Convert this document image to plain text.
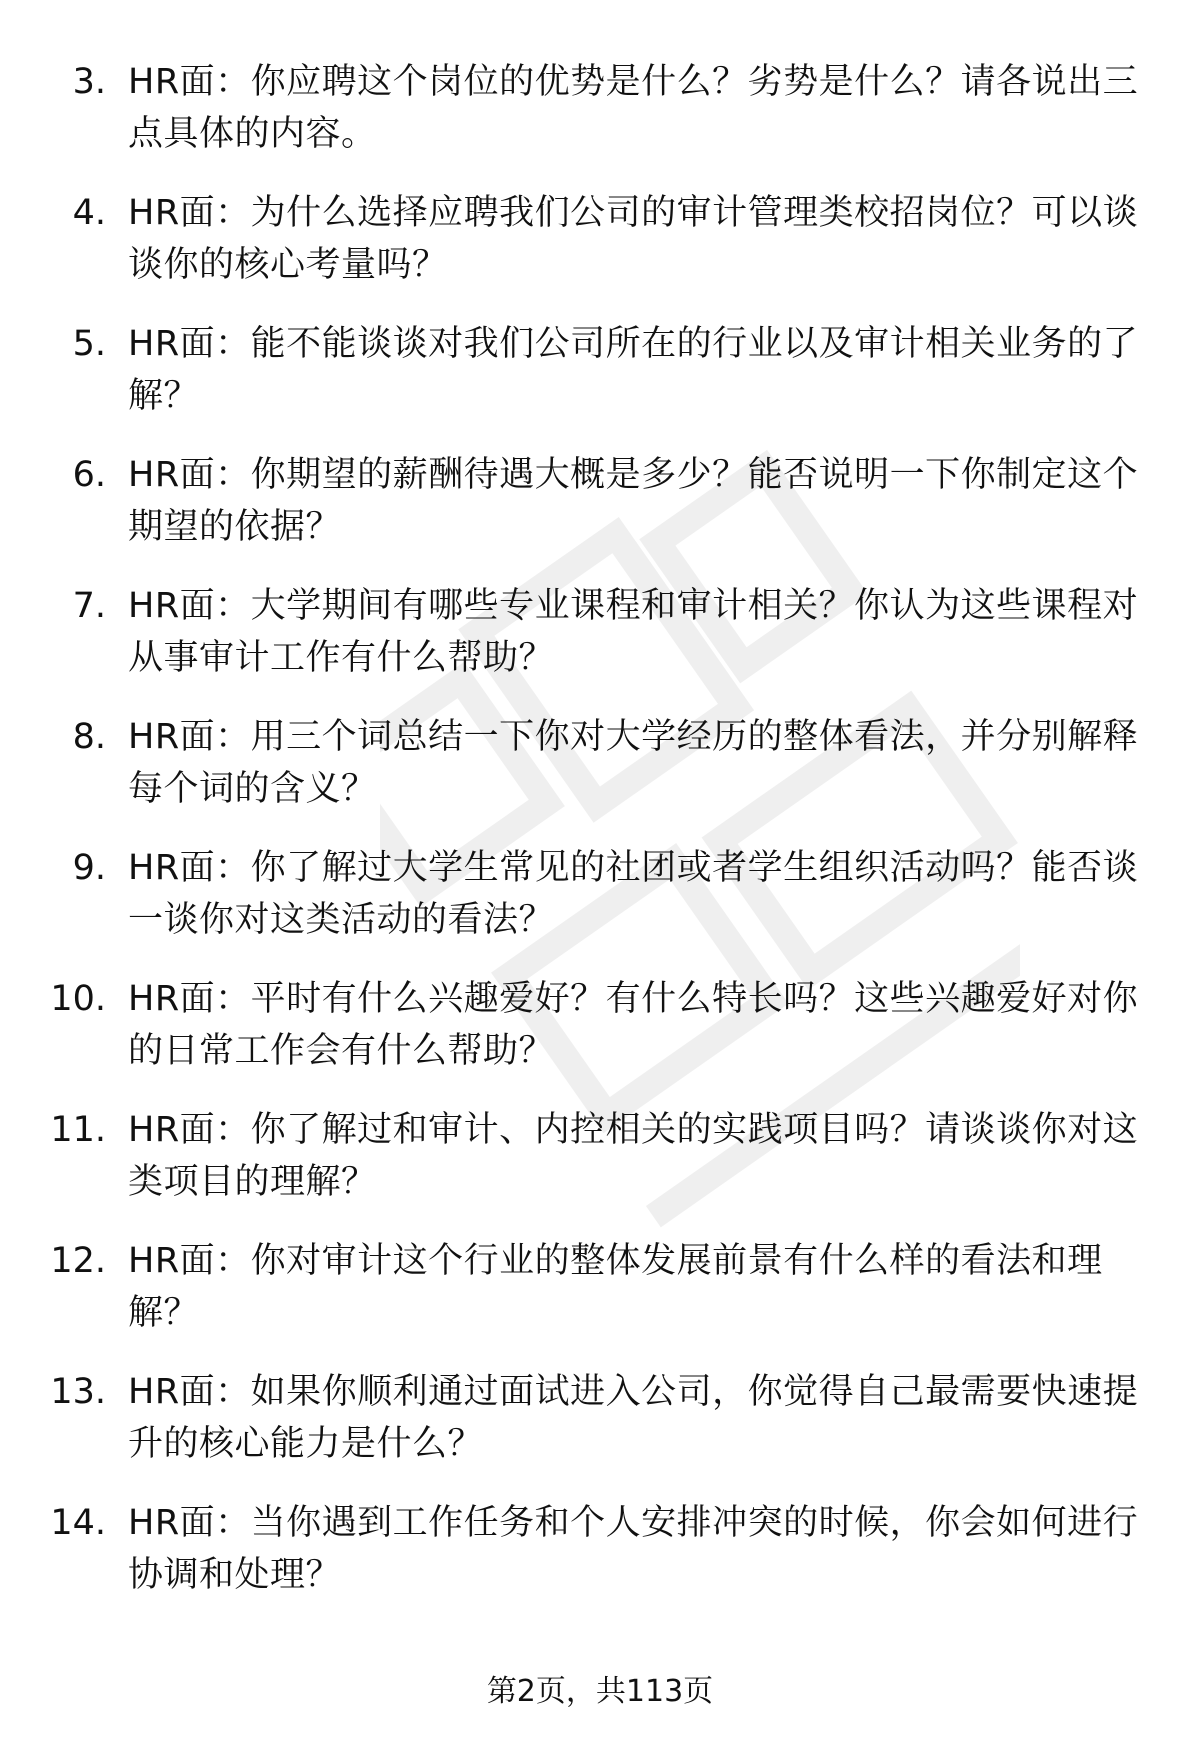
3. HR面：你应聘这个岗位的优势是什么？劣势是什么？请各说出三点具体的内容。
4. HR面：为什么选择应聘我们公司的审计管理类校招岗位？可以谈谈你的核心考量吗？
5. HR面：能不能谈谈对我们公司所在的行业以及审计相关业务的了解？
6. HR面：你期望的薪酬待遇大概是多少？能否说明一下你制定这个期望的依据？
7. HR面：大学期间有哪些专业课程和审计相关？你认为这些课程对从事审计工作有什么帮助？
8. HR面：用三个词总结一下你对大学经历的整体看法，并分别解释每个词的含义？
9. HR面：你了解过大学生常见的社团或者学生组织活动吗？能否谈一谈你对这类活动的看法？
10. HR面：平时有什么兴趣爱好？有什么特长吗？这些兴趣爱好对你的日常工作会有什么帮助？
11. HR面：你了解过和审计、内控相关的实践项目吗？请谈谈你对这类项目的理解？
12. HR面：你对审计这个行业的整体发展前景有什么样的看法和理解？
13. HR面：如果你顺利通过面试进入公司，你觉得自己最需要快速提升的核心能力是什么？
14. HR面：当你遇到工作任务和个人安排冲突的时候，你会如何进行协调和处理？
第2页，共113页
